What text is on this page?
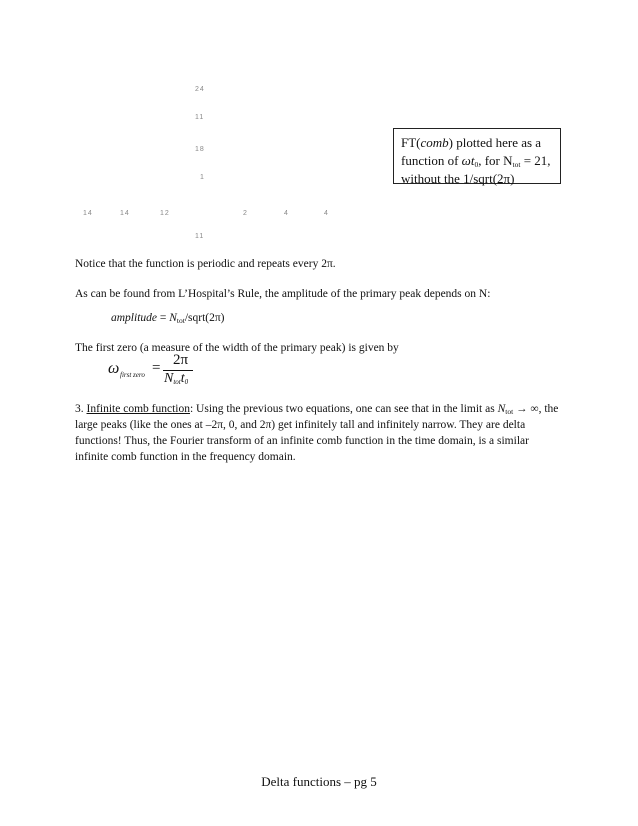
24
11
18
1
11
14	14	12	2	4	4
FT(comb) plotted here as a
function of $\omega t_0$, for $N_{tot} = 21$,
without the 1/sqrt(2π)
Notice that the function is periodic and repeats every 2π.
As can be found from L’Hospital’s Rule, the amplitude of the primary peak depends on N:
amplitude = $N_{tot}/sqrt(2\pi)$
The first zero (a measure of the width of the primary peak) is given by
ω first zero = 2π
$N_{tot}t_0$
3. Infinite comb function: Using the previous two equations, one can see that in the limit as $N_{tot}$ → ∞, the
large peaks (like the ones at –2π, 0, and 2π) get infinitely tall and infinitely narrow. They are delta
functions! Thus, the Fourier transform of an infinite comb function in the time domain, is a similar
infinite comb function in the frequency domain.
Delta functions – pg 5
